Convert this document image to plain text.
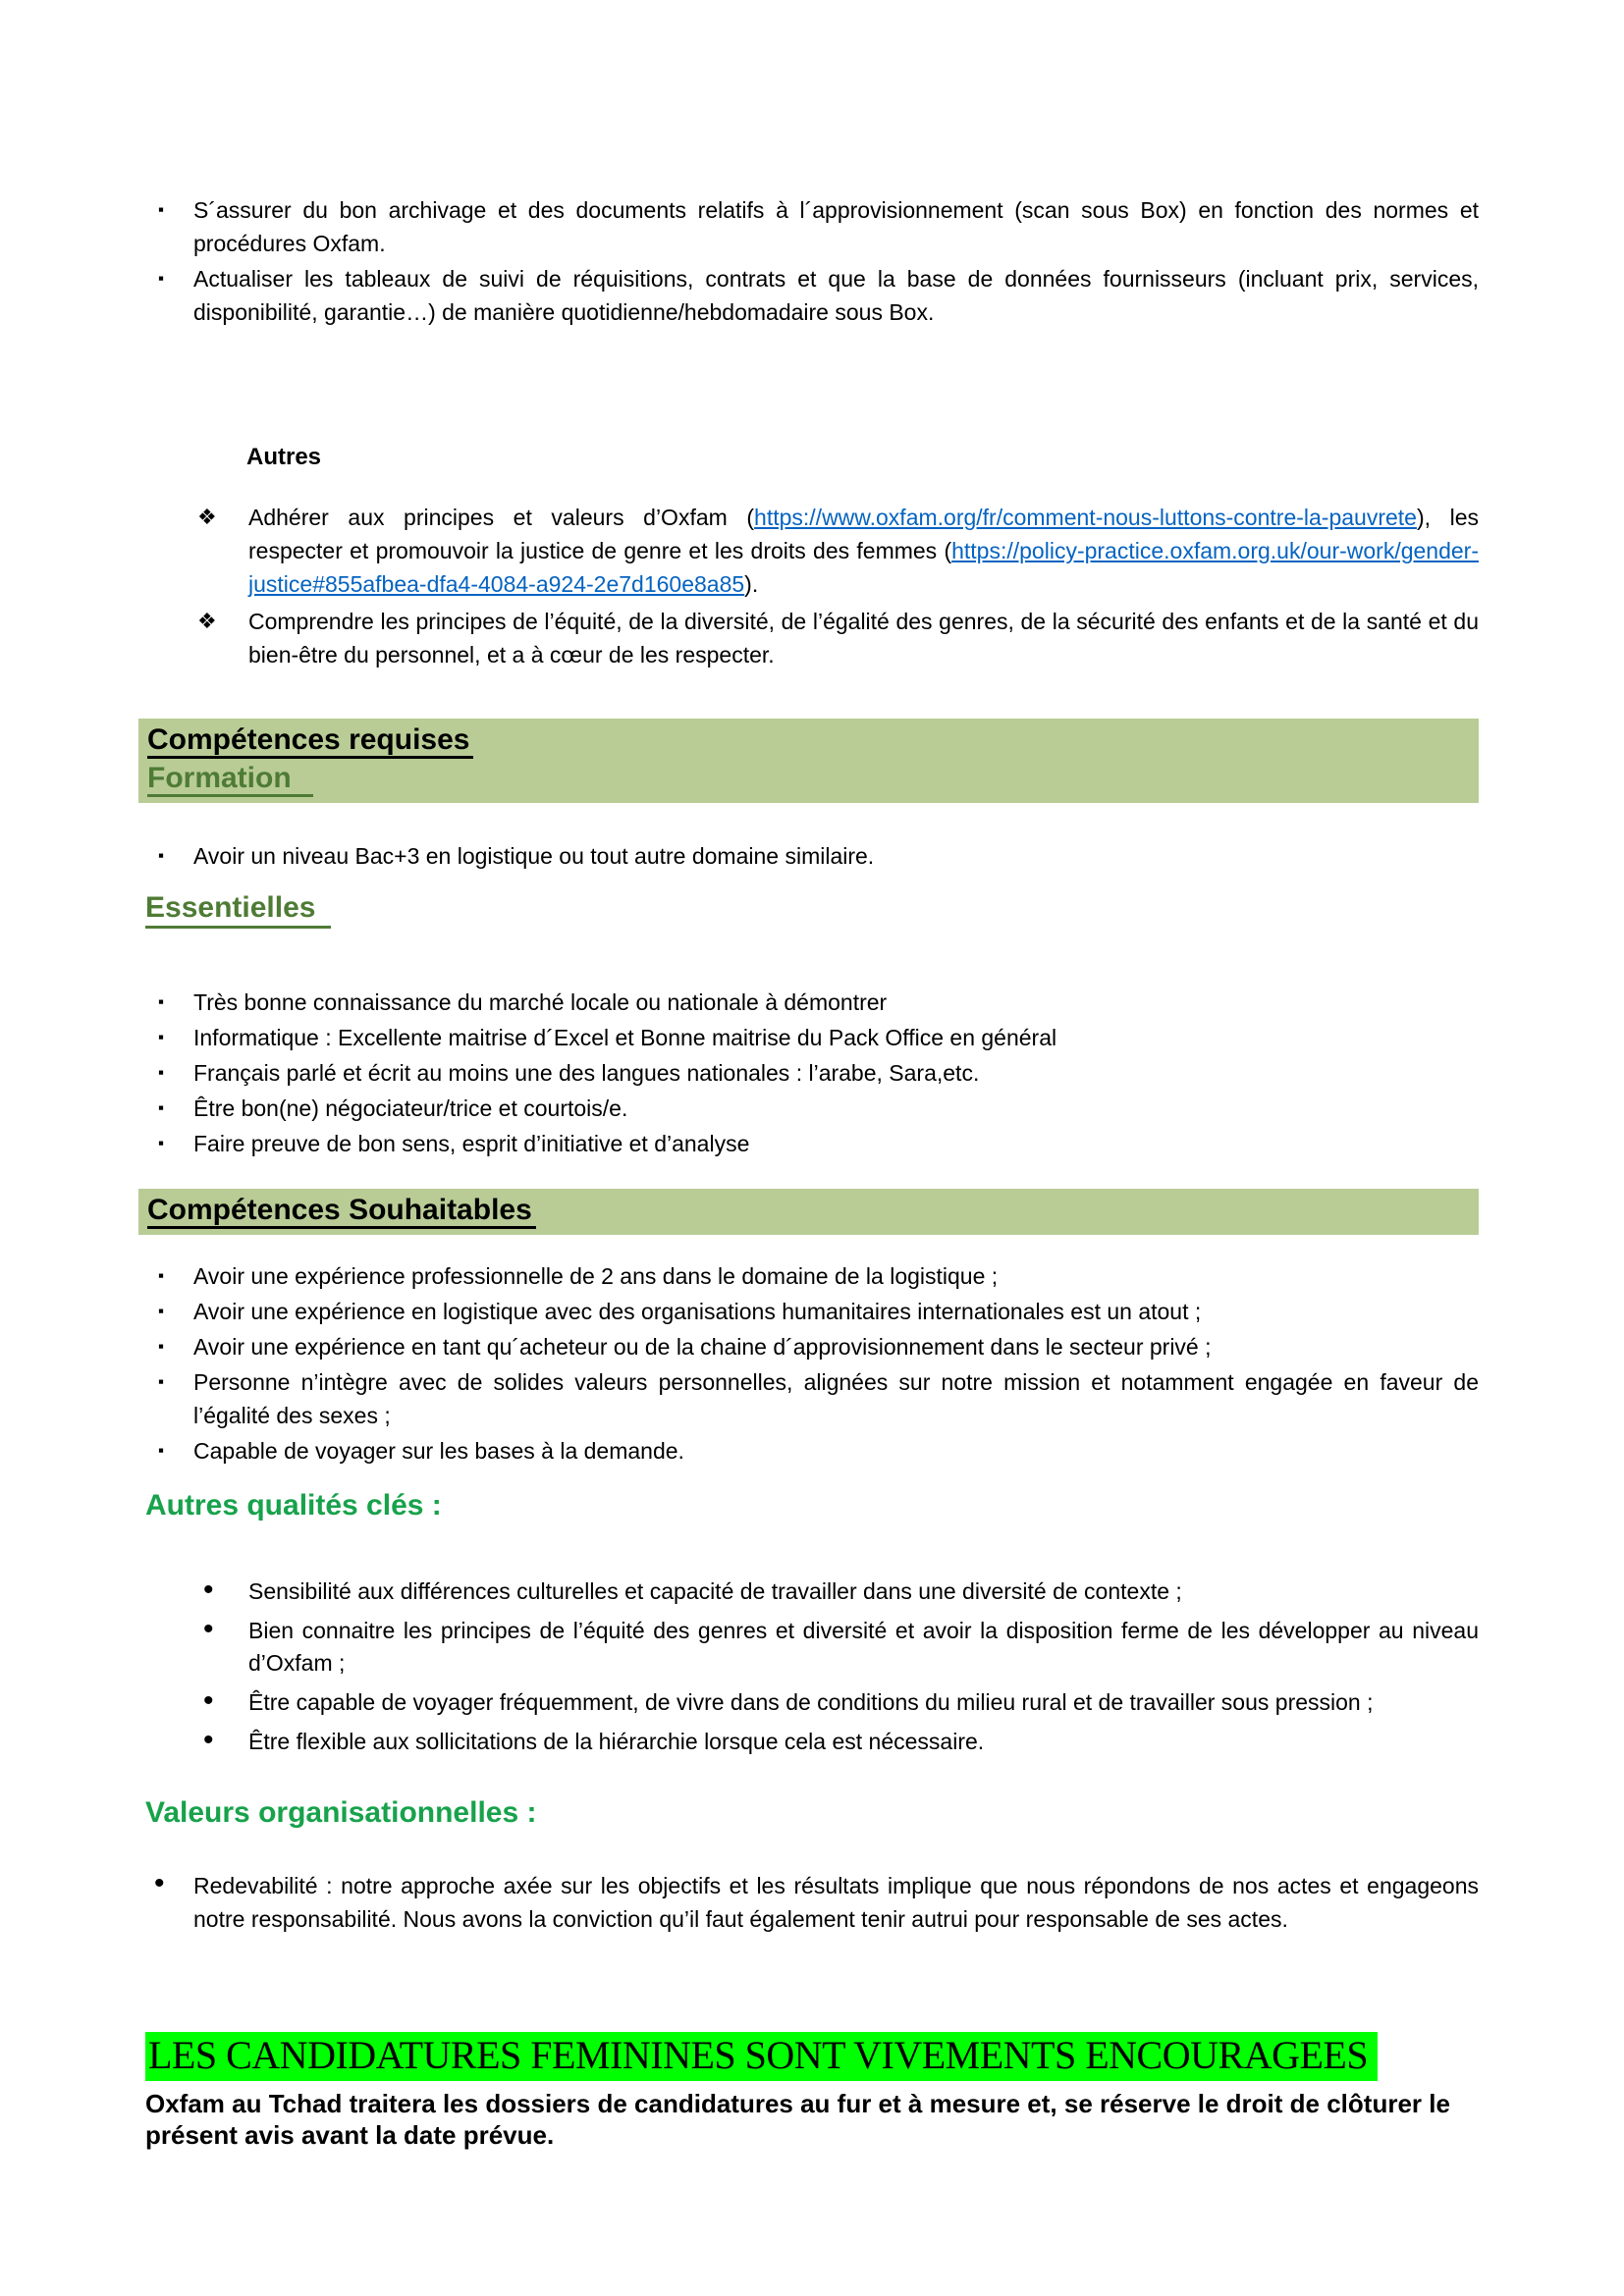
▪ S´assurer du bon archivage et des documents relatifs à l´approvisionnement (scan sous Box) en fonction des normes et procédures Oxfam.
▪ Actualiser les tableaux de suivi de réquisitions, contrats et que la base de données fournisseurs (incluant prix, services, disponibilité, garantie…) de manière quotidienne/hebdomadaire sous Box.
Autres
❖ Adhérer aux principes et valeurs d’Oxfam (https://www.oxfam.org/fr/comment-nous-luttons-contre-la-pauvrete), les respecter et promouvoir la justice de genre et les droits des femmes (https://policy-practice.oxfam.org.uk/our-work/gender-justice#855afbea-dfa4-4084-a924-2e7d160e8a85).
❖ Comprendre les principes de l’équité, de la diversité, de l’égalité des genres, de la sécurité des enfants et de la santé et du bien-être du personnel, et a à cœur de les respecter.
Compétences requises
Formation
▪ Avoir un niveau Bac+3 en logistique ou tout autre domaine similaire.
Essentielles
▪ Très bonne connaissance du marché locale ou nationale à démontrer
▪ Informatique : Excellente maitrise d´Excel et Bonne maitrise du Pack Office en général
▪ Français parlé et écrit au moins une des langues nationales : l’arabe, Sara,etc.
▪ Être bon(ne) négociateur/trice et courtois/e.
▪ Faire preuve de bon sens, esprit d’initiative et d’analyse
Compétences Souhaitables
▪ Avoir une expérience professionnelle de 2 ans dans le domaine de la logistique ;
▪ Avoir une expérience en logistique avec des organisations humanitaires internationales est un atout ;
▪ Avoir une expérience en tant qu´acheteur ou de la chaine d´approvisionnement dans le secteur privé ;
▪ Personne n’intègre avec de solides valeurs personnelles, alignées sur notre mission et notamment engagée en faveur de l’égalité des sexes ;
▪ Capable de voyager sur les bases à la demande.
Autres qualités clés :
• Sensibilité aux différences culturelles et capacité de travailler dans une diversité de contexte ;
• Bien connaitre les principes de l’équité des genres et diversité et avoir la disposition ferme de les développer au niveau d’Oxfam ;
• Être capable de voyager fréquemment, de vivre dans de conditions du milieu rural et de travailler sous pression ;
• Être flexible aux sollicitations de la hiérarchie lorsque cela est nécessaire.
Valeurs organisationnelles :
• Redevabilité : notre approche axée sur les objectifs et les résultats implique que nous répondons de nos actes et engageons notre responsabilité. Nous avons la conviction qu’il faut également tenir autrui pour responsable de ses actes.
LES CANDIDATURES FEMININES SONT VIVEMENTS ENCOURAGEES
Oxfam au Tchad traitera les dossiers de candidatures au fur et à mesure et, se réserve le droit de clôturer le présent avis avant la date prévue.
